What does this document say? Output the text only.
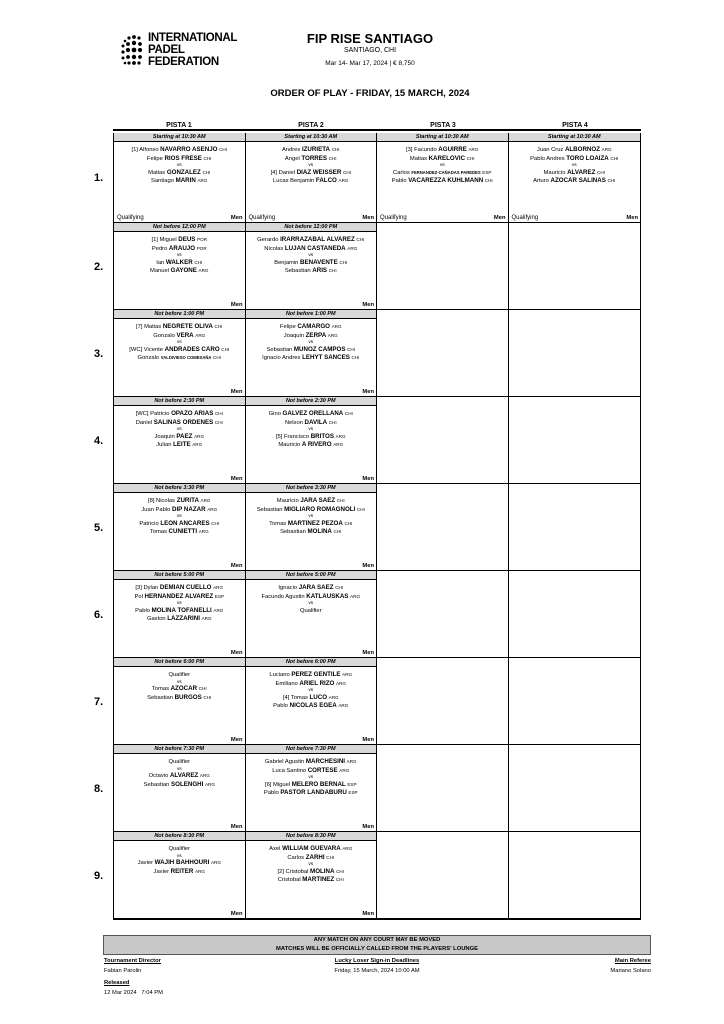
INTERNATIONAL
PADEL
FEDERATION
FIP RISE SANTIAGO
SANTIAGO, CHI
Mar 14- Mar 17, 2024 | € 8,750
ORDER OF PLAY - FRIDAY, 15 MARCH, 2024
PISTA 1	PISTA 2	PISTA 3	PISTA 4
1.
Starting at 10:30 AM
[1] Alfonso NAVARRO ASENJO CHI
Felipe RIOS FRESE CHI
vs
Matias GONZALEZ CHI
Santiago MARIN ARG
Qualifying	Men
Starting at 10:30 AM
Andres IZURIETA CHI
Angel TORRES CHI
vs
[4] Daniel DIAZ WEISSER CHI
Lucas Benjamin FALCO ARG
Qualifying	Men
Starting at 10:30 AM
[3] Facundo AGUIRRE ARG
Matias KARELOVIC CHI
vs
Carlos FERNANDEZ-CAÑADAS PAREDES ESP
Pablo VACAREZZA KUHLMANN CHI
Qualifying	Men
Starting at 10:30 AM
Juan Cruz ALBORNOZ ARG
Pablo Andres TORO LOAIZA CHI
vs
Mauricio ALVAREZ CHI
Arturo AZOCAR SALINAS CHI
Qualifying	Men
2.
Not before 12:00 PM
[1] Miguel DEUS POR
Pedro ARAUJO POR
vs
Ian WALKER CHI
Manuel GAYONE ARG
Men
Not before 12:00 PM
Gerardo IRARRAZABAL ALVAREZ CHI
Nicolas LUJAN CASTANEDA ARG
vs
Benjamin BENAVENTE CHI
Sebastian ARIS CHI
Men
3.
Not before 1:00 PM
[7] Matias NEGRETE OLIVA CHI
Gonzalo VERA ARG
vs
[WC] Vicente ANDRADES CARO CHI
Gonzalo VALDIVIESO COMESAÑA CHI
Men
Not before 1:00 PM
Felipe CAMARGO ARG
Joaquin ZERPA ARG
vs
Sebastian MUÑOZ CAMPOS CHI
Ignacio Andres LEHYT SANCES CHI
Men
4.
Not before 2:30 PM
[WC] Patricio OPAZO ARIAS CHI
Daniel SALINAS ORDENES CHI
vs
Joaquin PAEZ ARG
Julian LEITE ARG
Men
Not before 2:30 PM
Gino GALVEZ ORELLANA CHI
Nelson DAVILA CHI
vs
[5] Francisco BRITOS ARG
Mauricio A RIVERO ARG
Men
5.
Not before 3:30 PM
[8] Nicolas ZURITA ARG
Juan Pablo DIP NAZAR ARG
vs
Patricio LEÓN ANCARES CHI
Tomas CUNIETTI ARG
Men
Not before 3:30 PM
Mauricio JARA SAEZ CHI
Sebastian MIGLIARO ROMAGNOLI CHI
vs
Tomas MARTINEZ PEZOA CHI
Sebastian MOLINA CHI
Men
6.
Not before 5:00 PM
[3] Dylan DEMIAN CUELLO ARG
Pol HERNANDEZ ALVAREZ ESP
vs
Pablo MOLINA TOFANELLI ARG
Gaston LAZZARINI ARG
Men
Not before 5:00 PM
Ignacio JARA SAEZ CHI
Facundo Agustin KATLAUSKAS ARG
vs
Qualifier
Men
7.
Not before 6:00 PM
Qualifier
vs
Tomas AZOCAR CHI
Sebastian BURGOS CHI
Men
Not before 6:00 PM
Luciano PEREZ GENTILE ARG
Emiliano ARIEL RIZO ARG
vs
[4] Tomas LUCO ARG
Pablo NICOLAS EGEA ARG
Men
8.
Not before 7:30 PM
Qualifier
vs
Octavio ALVAREZ ARG
Sebastian SOLENGHI ARG
Men
Not before 7:30 PM
Gabriel Agustin MARCHESINI ARG
Luca Santino CORTESE ARG
vs
[6] Miguel MELERO BERNAL ESP
Pablo PASTOR LANDABURU ESP
Men
9.
Not before 8:30 PM
Qualifier
vs
Javier WAJIH BAHHOURI ARG
Javier REITER ARG
Men
Not before 8:30 PM
Axel WILLIAM GUEVARA ARG
Carlos ZARHI CHI
vs
[2] Cristobal MOLINA CHI
Cristobal MARTINEZ CHI
Men
ANY MATCH ON ANY COURT MAY BE MOVED
MATCHES WILL BE OFFICIALLY CALLED FROM THE PLAYERS' LOUNGE
Tournament Director
Fabian Parolin
Lucky Loser Sign-in Deadlines
Friday, 15 March, 2024 10:00 AM
Main Referee
Mariano Solano
Released
12 Mar 2024   7:04 PM
